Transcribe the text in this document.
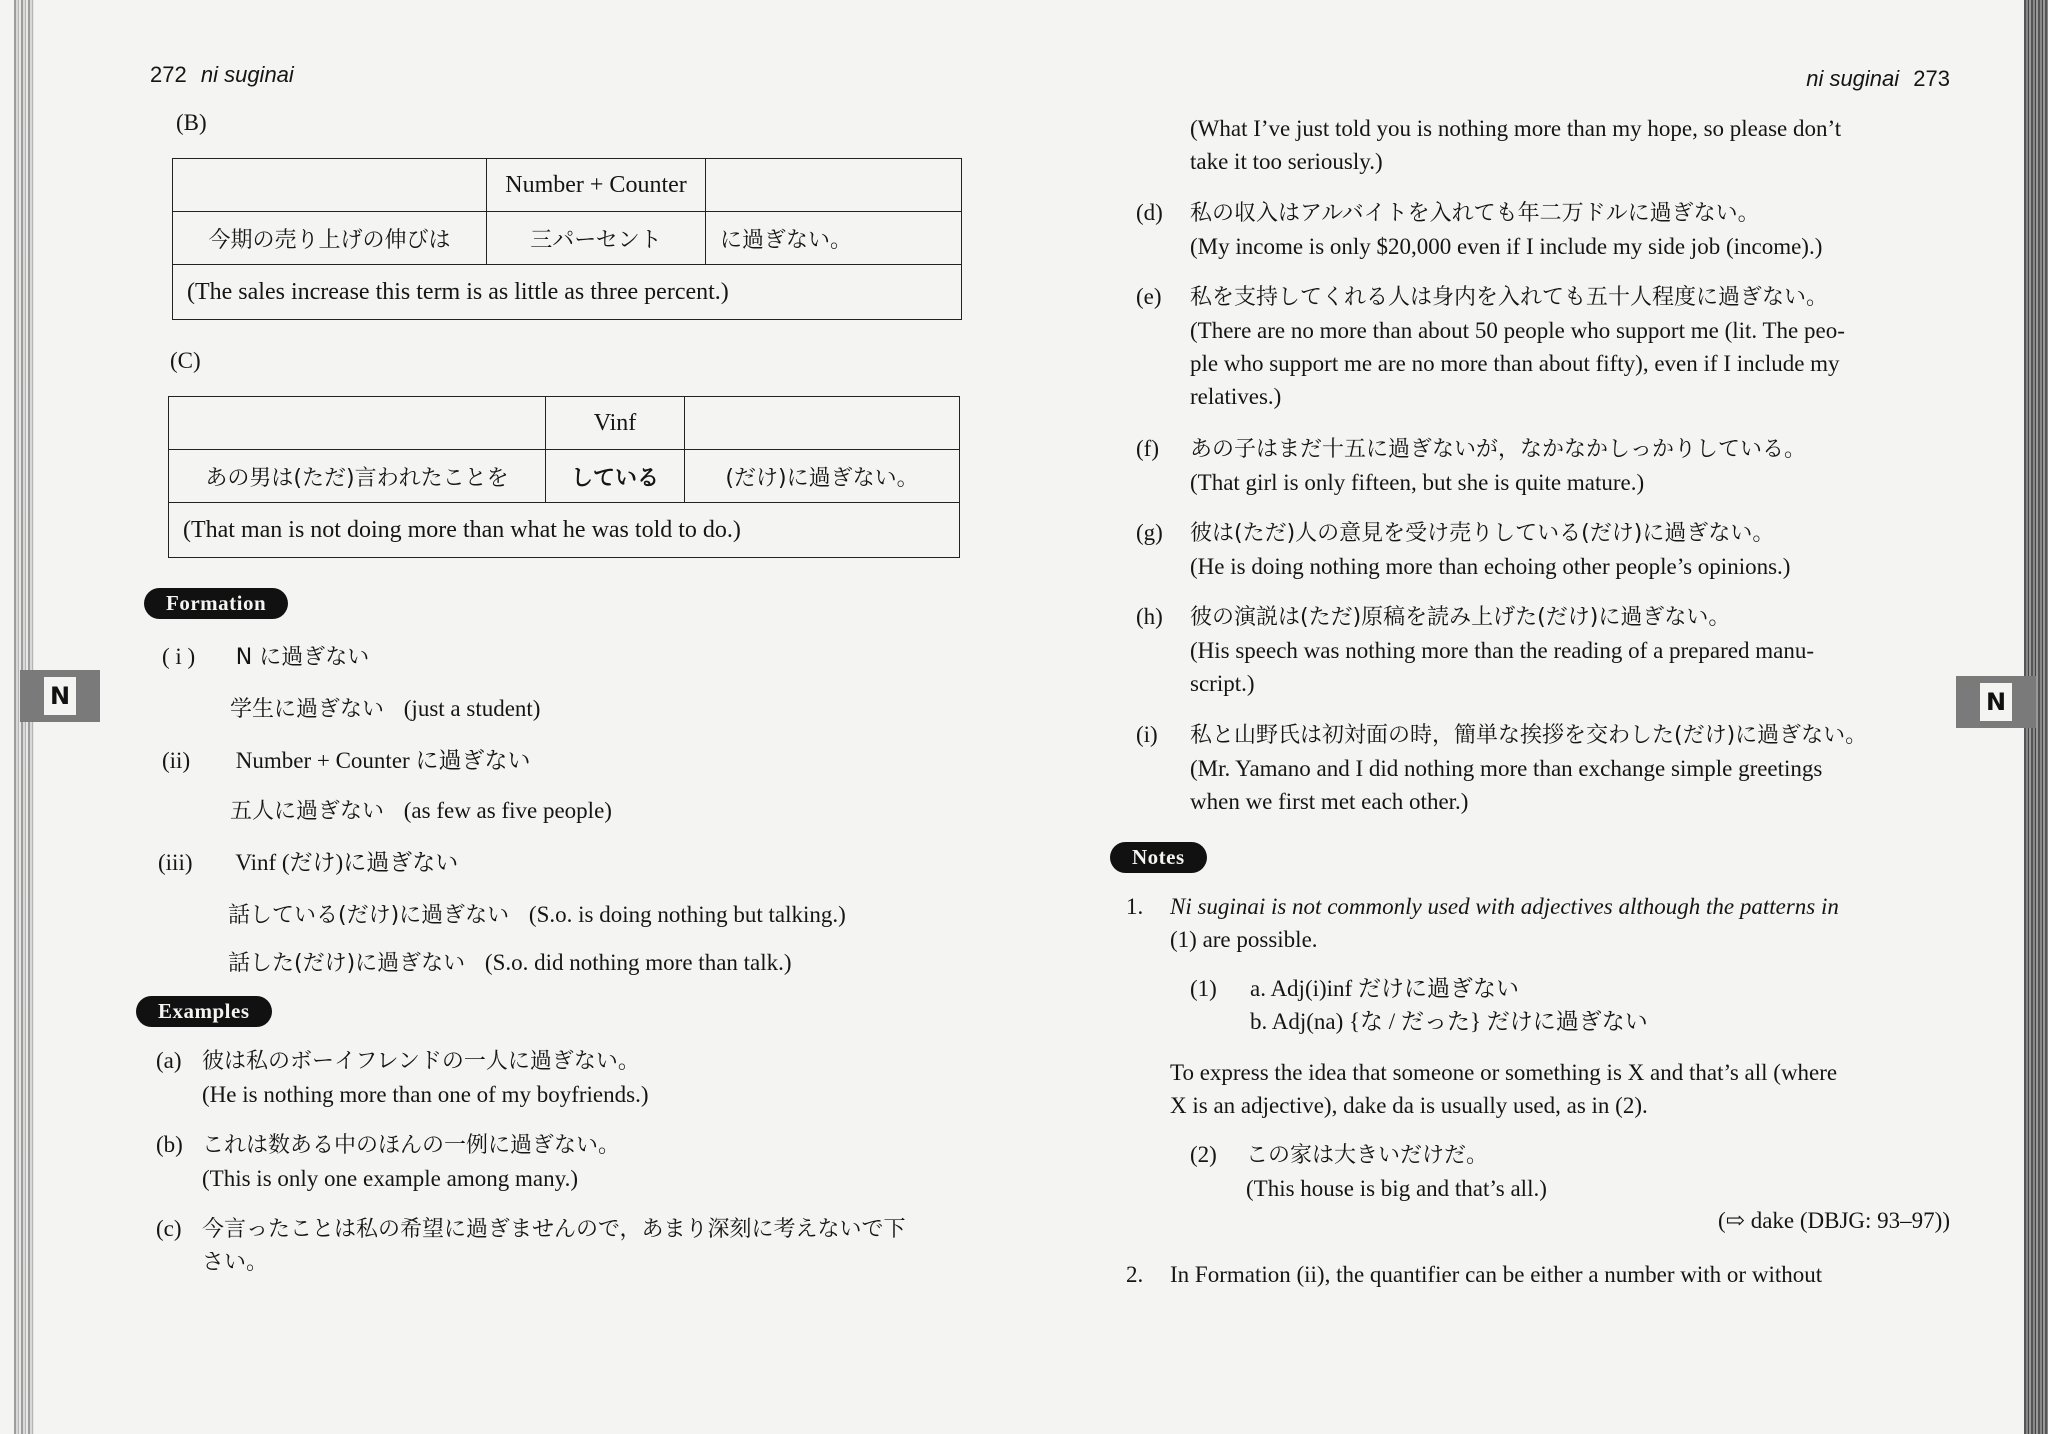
N	N
272 ni suginai
(B)
	Number + Counter	
今期の売り上げの伸びは	三パーセント	に過ぎない。
(The sales increase this term is as little as three percent.)		
(C)
	Vinf	
あの男は(ただ)言われたことを	している	(だけ)に過ぎない。
(That man is not doing more than what he was told to do.)		
Formation
( i ) N に過ぎない
学生に過ぎない (just a student)
(ii) Number + Counter に過ぎない
五人に過ぎない (as few as five people)
(iii) Vinf (だけ)に過ぎない
話している(だけ)に過ぎない (S.o. is doing nothing but talking.)
話した(だけ)に過ぎない (S.o. did nothing more than talk.)
Examples
(a) 彼は私のボーイフレンドの一人に過ぎない。
(He is nothing more than one of my boyfriends.)
(b) これは数ある中のほんの一例に過ぎない。
(This is only one example among many.)
(c) 今言ったことは私の希望に過ぎませんので，あまり深刻に考えないで下
さい。
ni suginai 273
(What I’ve just told you is nothing more than my hope, so please don’t
take it too seriously.)
(d) 私の収入はアルバイトを入れても年二万ドルに過ぎない。
(My income is only $20,000 even if I include my side job (income).)
(e) 私を支持してくれる人は身内を入れても五十人程度に過ぎない。
(There are no more than about 50 people who support me (lit. The peo-
ple who support me are no more than about fifty), even if I include my
relatives.)
(f) あの子はまだ十五に過ぎないが，なかなかしっかりしている。
(That girl is only fifteen, but she is quite mature.)
(g) 彼は(ただ)人の意見を受け売りしている(だけ)に過ぎない。
(He is doing nothing more than echoing other people’s opinions.)
(h) 彼の演説は(ただ)原稿を読み上げた(だけ)に過ぎない。
(His speech was nothing more than the reading of a prepared manu-
script.)
(i) 私と山野氏は初対面の時，簡単な挨拶を交わした(だけ)に過ぎない。
(Mr. Yamano and I did nothing more than exchange simple greetings
when we first met each other.)
Notes
1. Ni suginai is not commonly used with adjectives although the patterns in
(1) are possible.
(1) a. Adj(i)inf だけに過ぎない
b. Adj(na) {な / だった} だけに過ぎない
To express the idea that someone or something is X and that’s all (where
X is an adjective), dake da is usually used, as in (2).
(2) この家は大きいだけだ。
(This house is big and that’s all.)
(⇨ dake (DBJG: 93–97))
2. In Formation (ii), the quantifier can be either a number with or without
